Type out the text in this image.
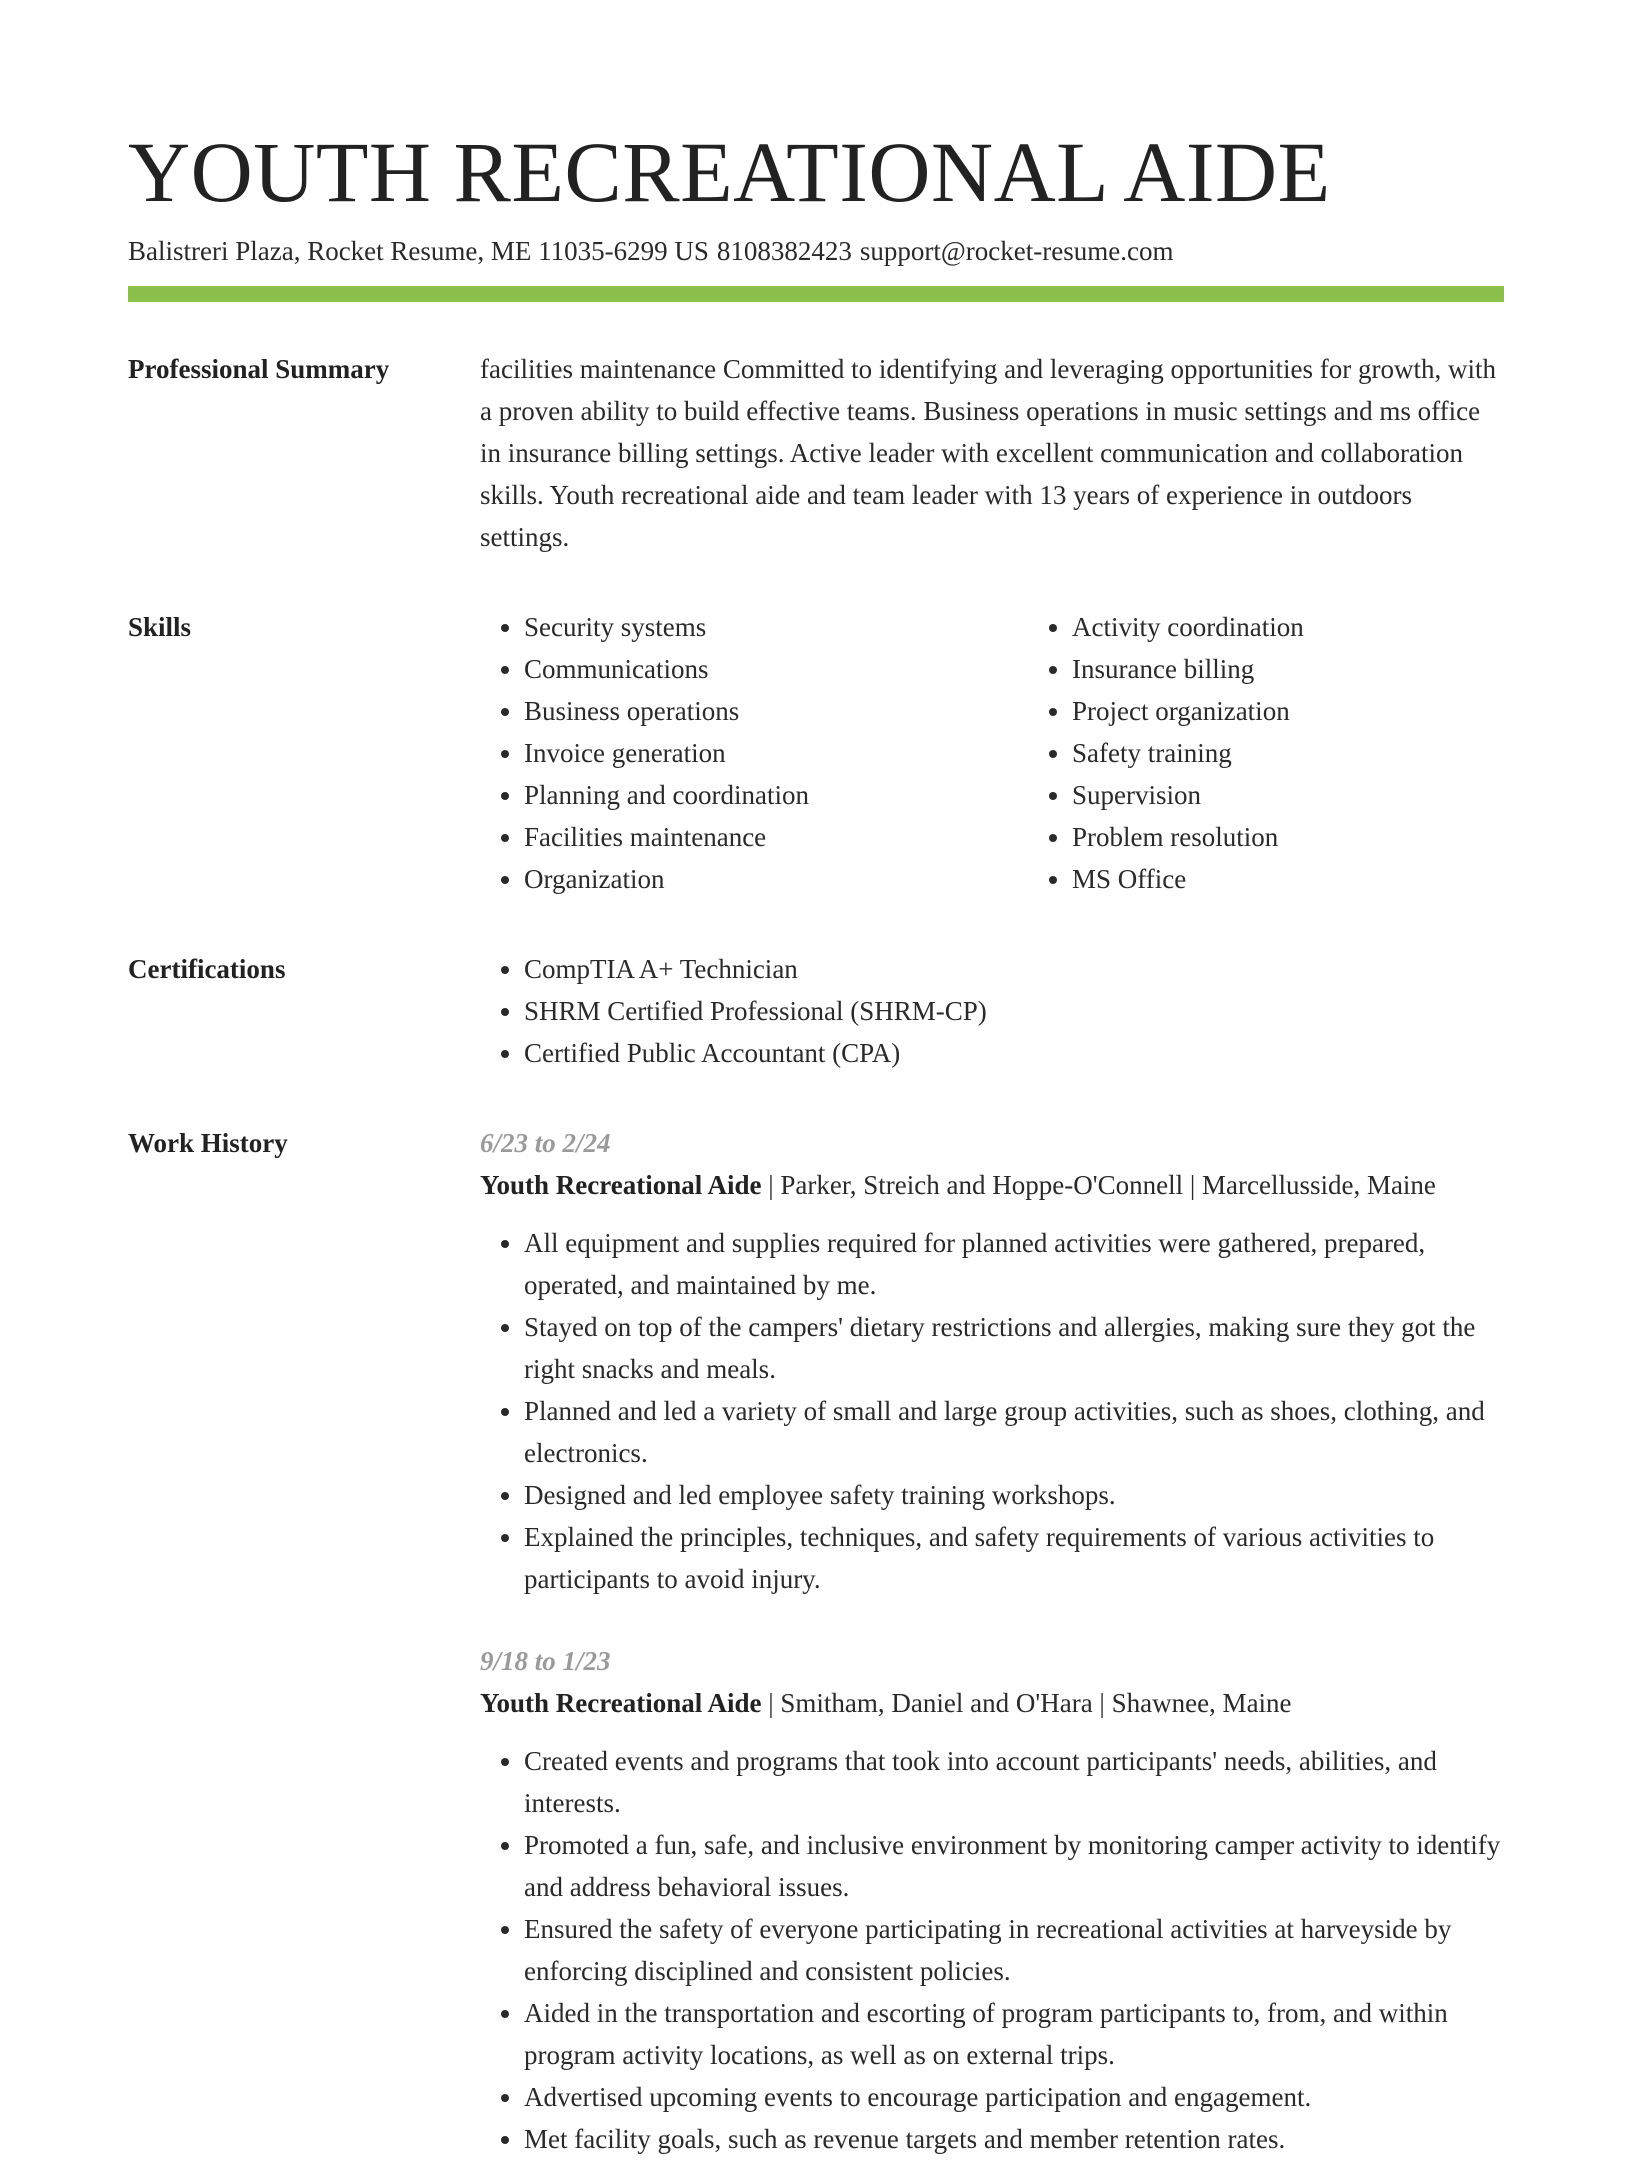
YOUTH RECREATIONAL AIDE
Balistreri Plaza, Rocket Resume, ME 11035-6299 US 8108382423 support@rocket-resume.com
Professional Summary	facilities maintenance Committed to identifying and leveraging opportunities for growth, with a proven ability to build effective teams. Business operations in music settings and ms office in insurance billing settings. Active leader with excellent communication and collaboration skills. Youth recreational aide and team leader with 13 years of experience in outdoors settings.

Skills	• Security systems
• Communications
• Business operations
• Invoice generation
• Planning and coordination
• Facilities maintenance
• Organization
• Activity coordination
• Insurance billing
• Project organization
• Safety training
• Supervision
• Problem resolution
• MS Office
Certifications	• CompTIA A+ Technician
• SHRM Certified Professional (SHRM-CP)
• Certified Public Accountant (CPA)
Work History	6/23 to 2/24
Youth Recreational Aide | Parker, Streich and Hoppe-O'Connell | Marcellusside, Maine
• All equipment and supplies required for planned activities were gathered, prepared, operated, and maintained by me.
• Stayed on top of the campers' dietary restrictions and allergies, making sure they got the right snacks and meals.
• Planned and led a variety of small and large group activities, such as shoes, clothing, and electronics.
• Designed and led employee safety training workshops.
• Explained the principles, techniques, and safety requirements of various activities to participants to avoid injury.
9/18 to 1/23
Youth Recreational Aide | Smitham, Daniel and O'Hara | Shawnee, Maine
• Created events and programs that took into account participants' needs, abilities, and interests.
• Promoted a fun, safe, and inclusive environment by monitoring camper activity to identify and address behavioral issues.
• Ensured the safety of everyone participating in recreational activities at harveyside by enforcing disciplined and consistent policies.
• Aided in the transportation and escorting of program participants to, from, and within program activity locations, as well as on external trips.
• Advertised upcoming events to encourage participation and engagement.
• Met facility goals, such as revenue targets and member retention rates.
